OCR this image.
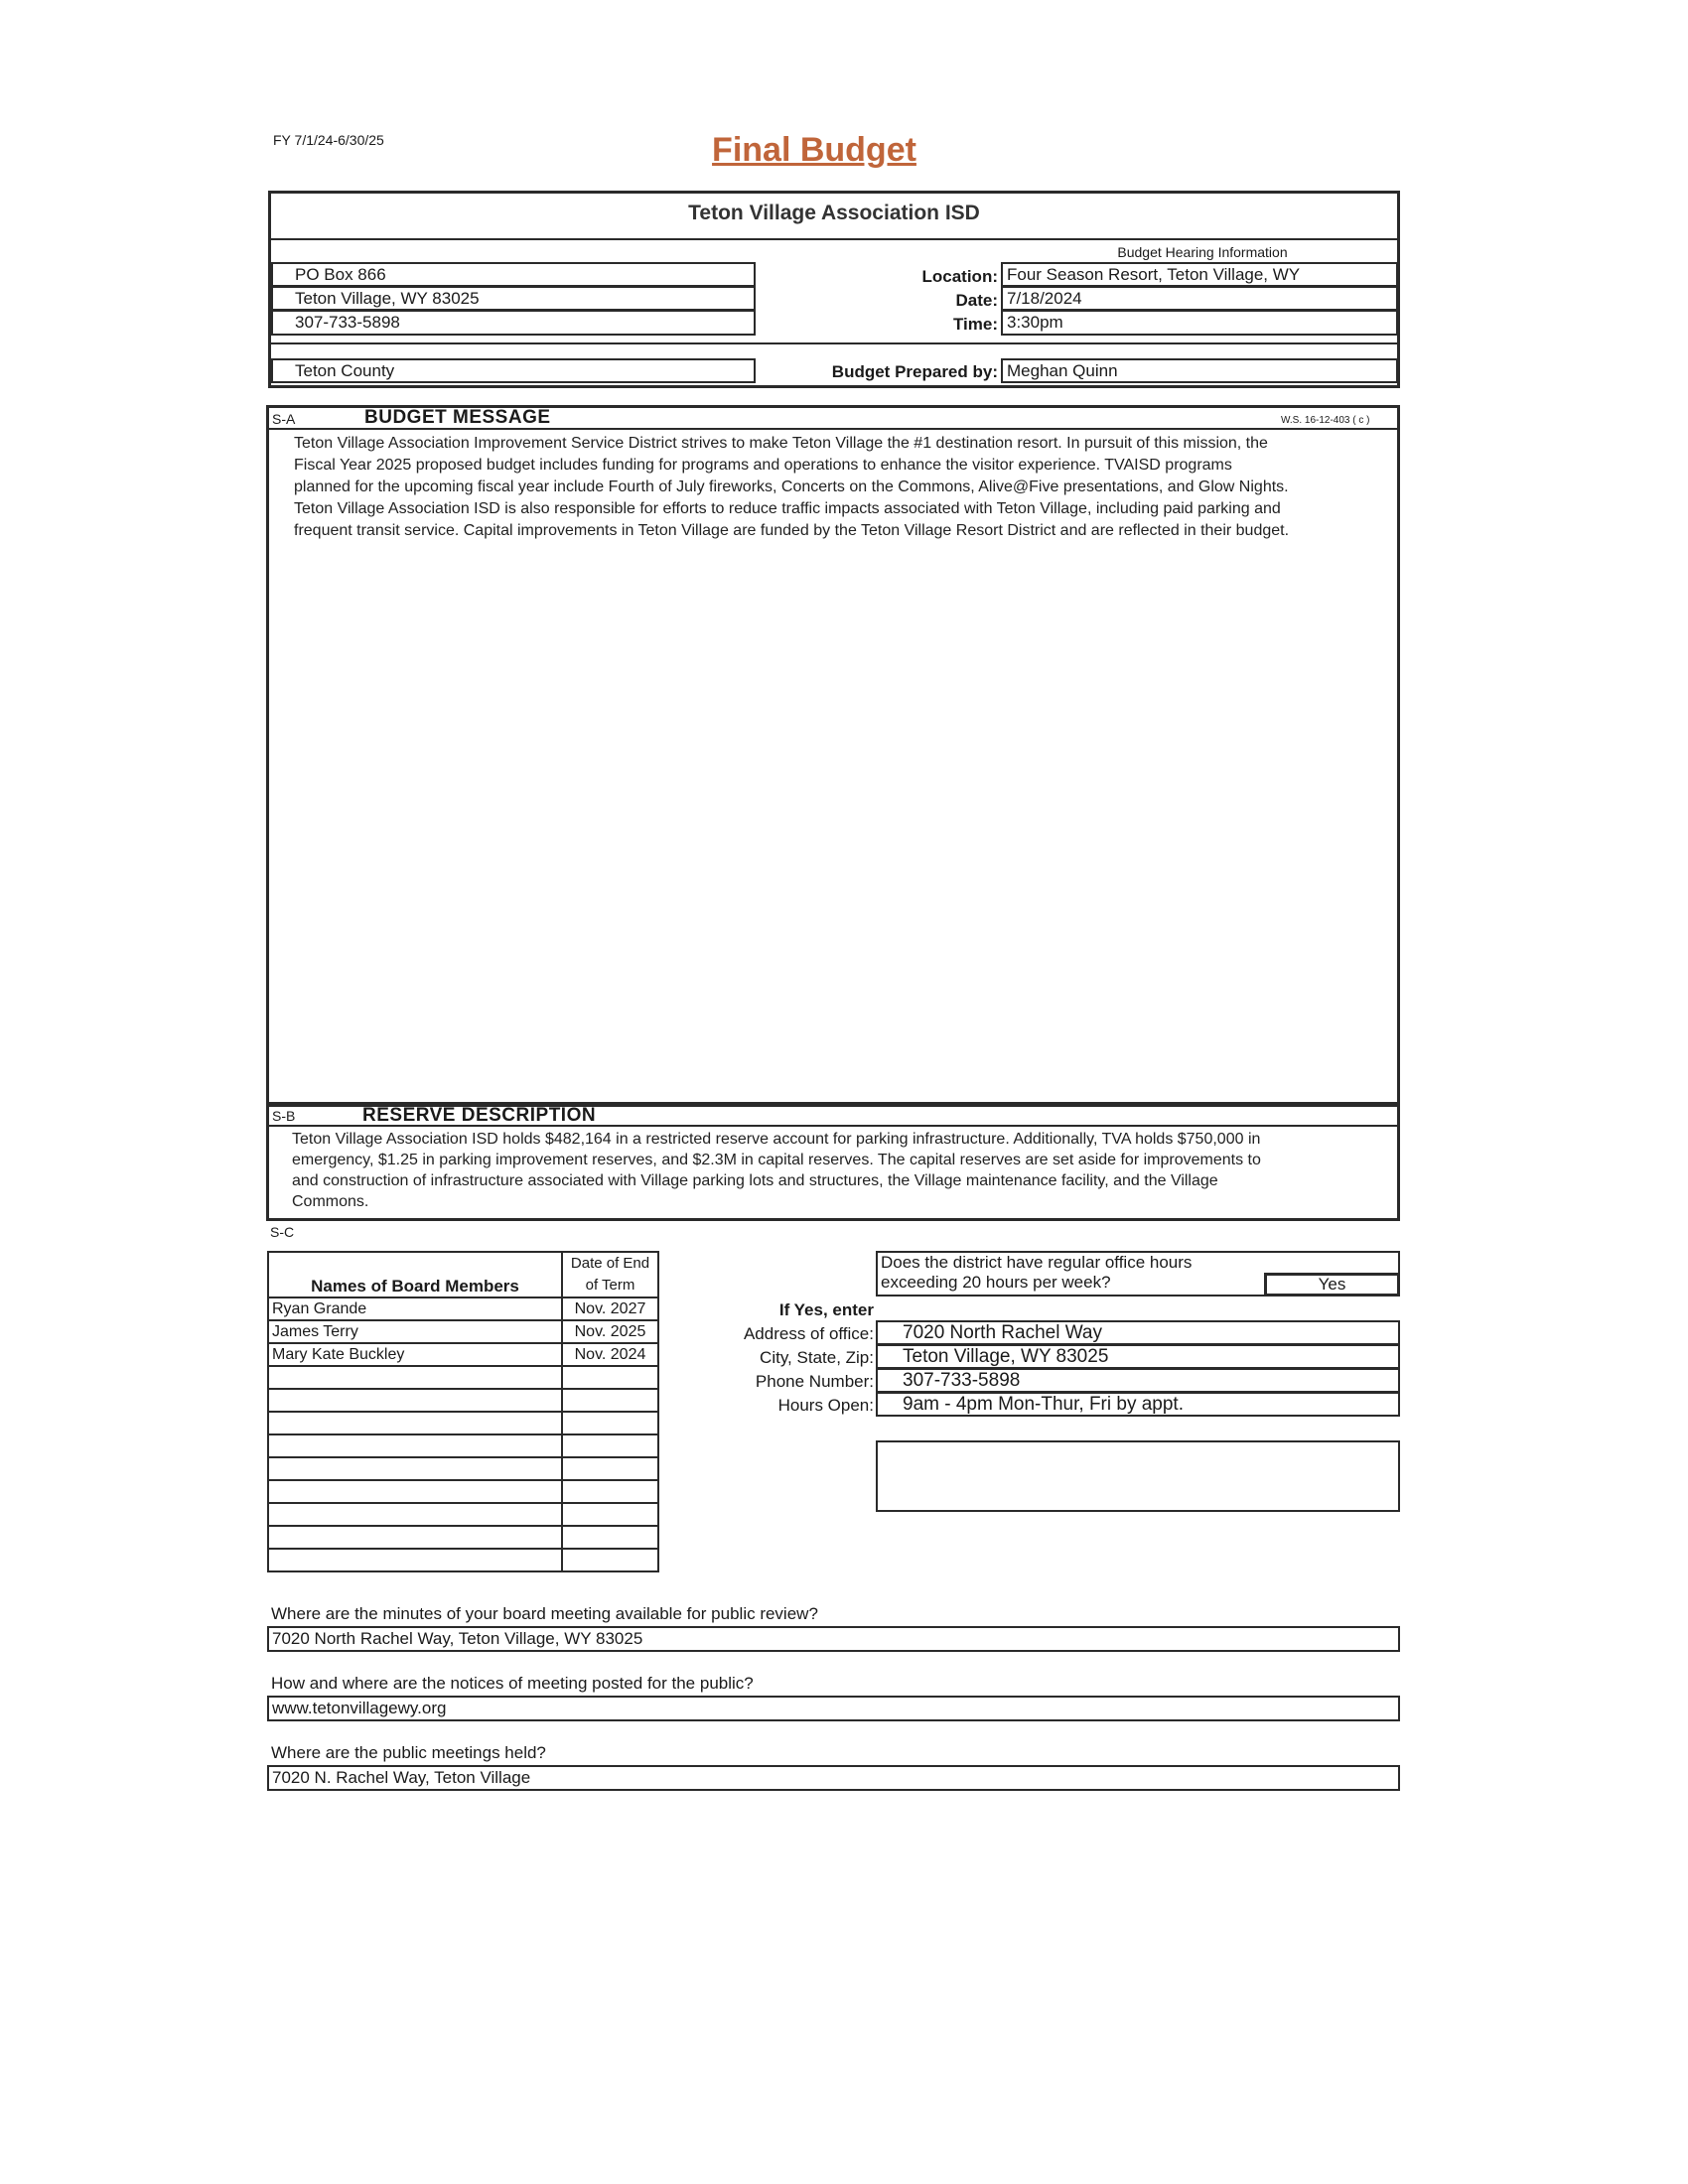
FY 7/1/24-6/30/25	Final Budget
Teton Village Association ISD
Budget Hearing Information
PO Box 866
Teton Village, WY 83025
307-733-5898
Location: Four Season Resort, Teton Village, WY
Date: 7/18/2024
Time: 3:30pm
Teton County	Budget Prepared by: Meghan Quinn
S-A	BUDGET MESSAGE	W.S. 16-12-403 ( c )
Teton Village Association Improvement Service District strives to make Teton Village the #1 destination resort. In pursuit of this mission, the
Fiscal Year 2025 proposed budget includes funding for programs and operations to enhance the visitor experience. TVAISD programs
planned for the upcoming fiscal year include Fourth of July fireworks, Concerts on the Commons, Alive@Five presentations, and Glow Nights.
Teton Village Association ISD is also responsible for efforts to reduce traffic impacts associated with Teton Village, including paid parking and
frequent transit service. Capital improvements in Teton Village are funded by the Teton Village Resort District and are reflected in their budget.
S-B	RESERVE DESCRIPTION
Teton Village Association ISD holds $482,164 in a restricted reserve account for parking infrastructure. Additionally, TVA holds $750,000 in
emergency, $1.25 in parking improvement reserves, and $2.3M in capital reserves. The capital reserves are set aside for improvements to
and construction of infrastructure associated with Village parking lots and structures, the Village maintenance facility, and the Village
Commons.
S-C
Names of Board Members	Date of End
of Term

Ryan Grande	Nov. 2027
James Terry	Nov. 2025
Mary Kate Buckley	Nov. 2024

Does the district have regular office hours
exceeding 20 hours per week?	Yes
If Yes, enter
Address of office:	7020 North Rachel Way
City, State, Zip:	Teton Village, WY 83025
Phone Number:	307-733-5898
Hours Open:	9am - 4pm Mon-Thur, Fri by appt.
Where are the minutes of your board meeting available for public review?
7020 North Rachel Way, Teton Village, WY 83025
How and where are the notices of meeting posted for the public?
www.tetonvillagewy.org
Where are the public meetings held?
7020 N. Rachel Way, Teton Village
